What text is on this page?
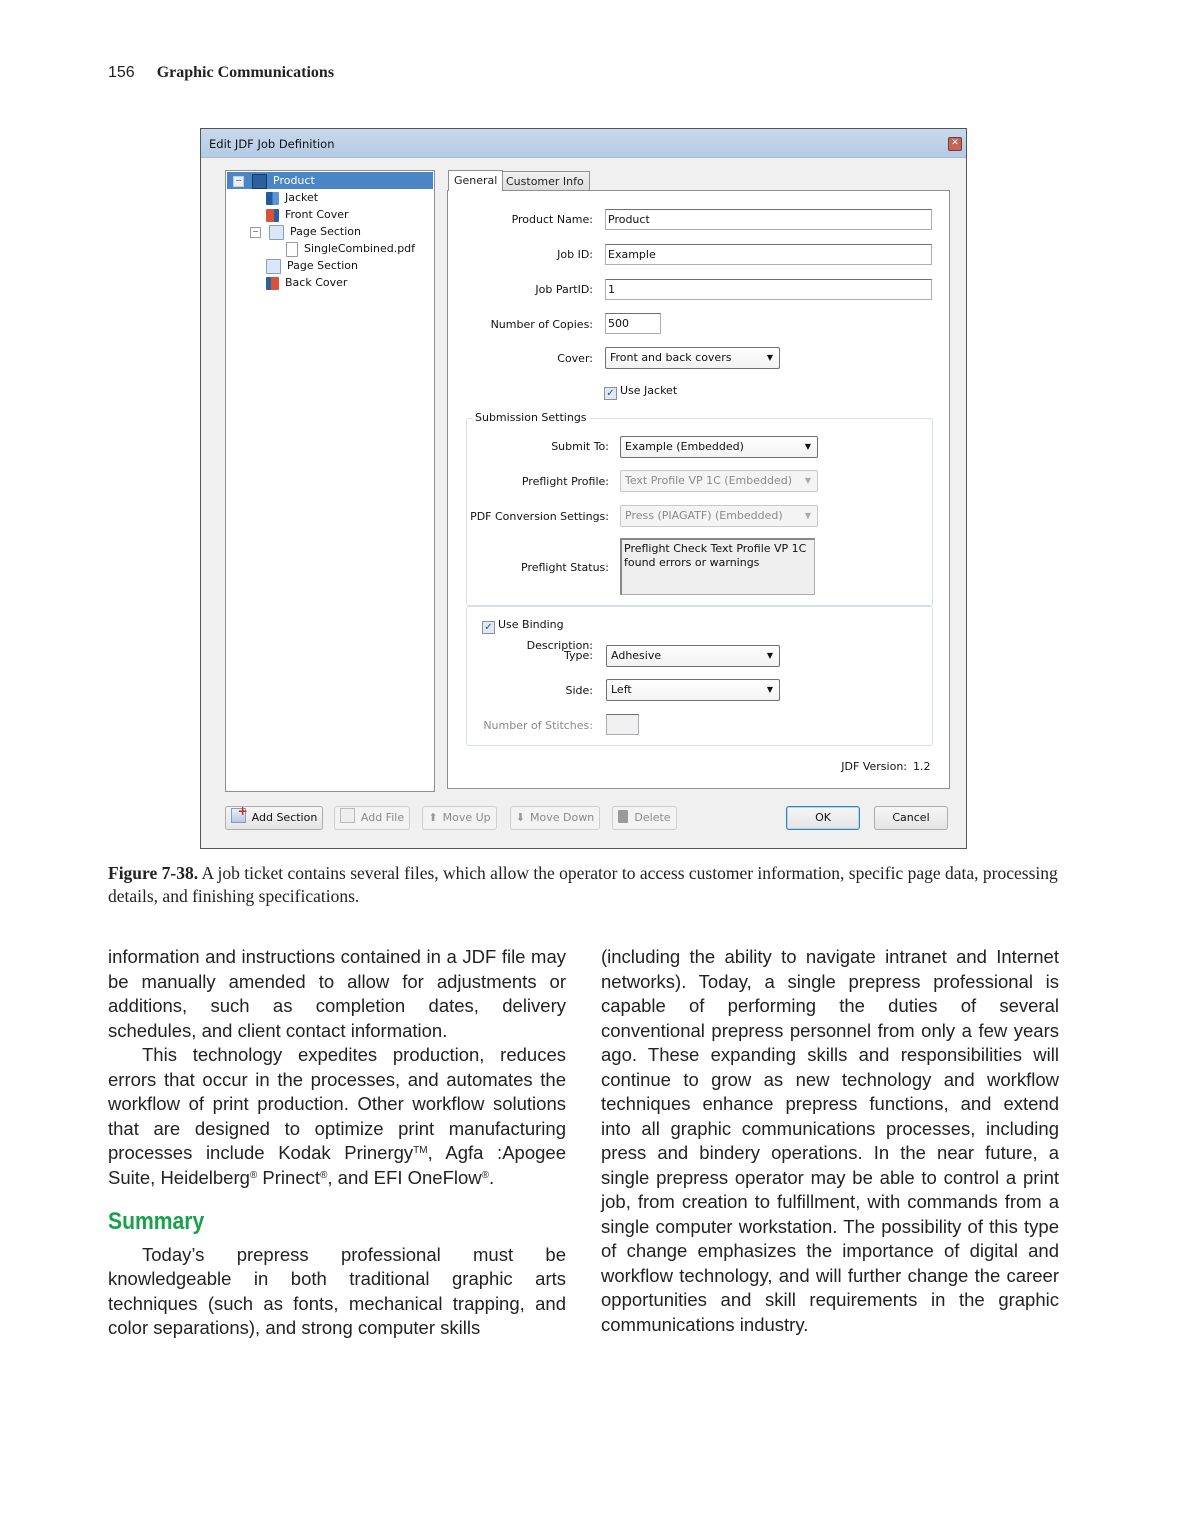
156 Graphic Communications
Edit JDF Job Definition	✕
−	Product
Jacket
Front Cover
−	Page Section
SingleCombined.pdf
Page Section
Back Cover
General Customer Info
Product Name: Product
Job ID: Example
Job PartID: 1
Number of Copies: 500
Cover:	Front and back covers	▼
✓ Use Jacket
Submission Settings
Submit To:	Example (Embedded)	▼
Preflight Profile:	Text Profile VP 1C (Embedded)	▼
PDF Conversion Settings:	Press (PIAGATF) (Embedded)	▼
Preflight Status:
Preflight Check Text Profile VP 1C found errors or warnings
✓ Use Binding
Description:
Type:	Adhesive	▼
Side:	Left	▼
Number of Stitches:
JDF Version: 1.2
+ Add Section	Add File	⬆ Move Up	⬇ Move Down	Delete	OK	Cancel
Figure 7-38. A job ticket contains several files, which allow the operator to access customer information, specific page data, processing details, and finishing specifications.

information and instructions contained in a JDF file may be manually amended to allow for adjustments or additions, such as completion dates, delivery schedules, and client contact information.

This technology expedites production, reduces errors that occur in the processes, and automates the workflow of print production. Other workflow solutions that are designed to optimize print manufacturing processes include Kodak Prinergy™, Agfa :Apogee Suite, Heidelberg® Prinect®, and EFI OneFlow®.

Summary

Today’s prepress professional must be knowledgeable in both traditional graphic arts techniques (such as fonts, mechanical trapping, and color separations), and strong computer skills

(including the ability to navigate intranet and Internet networks). Today, a single prepress professional is capable of performing the duties of several conventional prepress personnel from only a few years ago. These expanding skills and responsibilities will continue to grow as new technology and workflow techniques enhance prepress functions, and extend into all graphic communications processes, including press and bindery operations. In the near future, a single prepress operator may be able to control a print job, from creation to fulfillment, with commands from a single computer workstation. The possibility of this type of change emphasizes the importance of digital and workflow technology, and will further change the career opportunities and skill requirements in the graphic communications industry.
